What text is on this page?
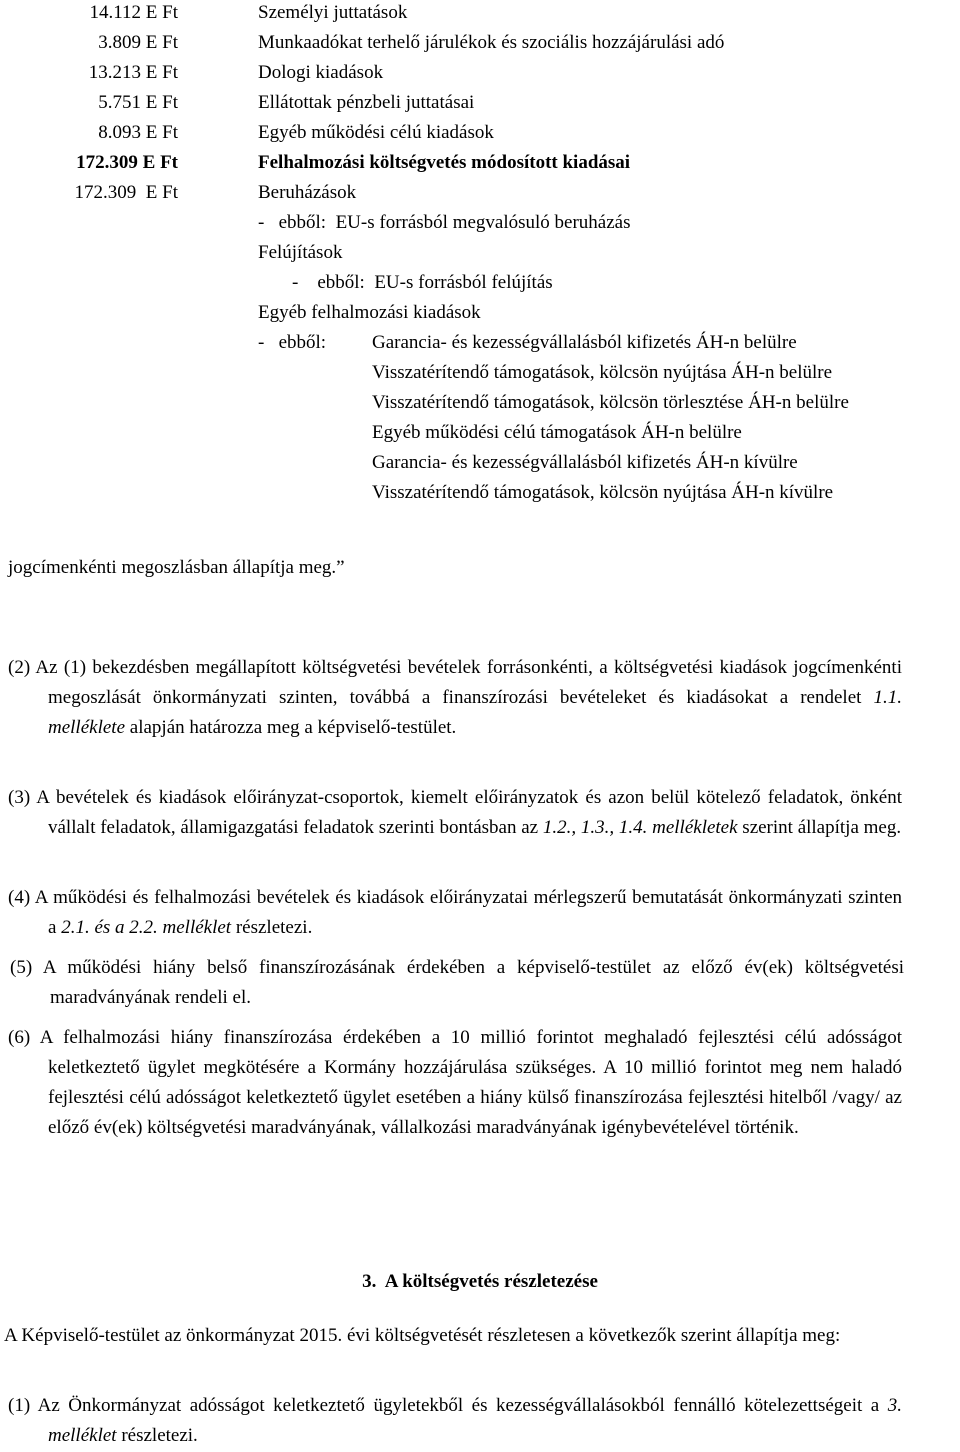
14.112 E Ft	Személyi juttatások
3.809 E Ft	Munkaadókat terhelő járulékok és szociális hozzájárulási adó
13.213 E Ft	Dologi kiadások
5.751 E Ft	Ellátottak pénzbeli juttatásai
8.093 E Ft	Egyéb működési célú kiadások
172.309 E Ft	Felhalmozási költségvetés módosított kiadásai
172.309  E Ft	Beruházások
-   ebből:  EU-s forrásból megvalósuló beruházás
Felújítások
-    ebből:  EU-s forrásból felújítás
Egyéb felhalmozási kiadások
-   ebből: Garancia- és kezességvállalásból kifizetés ÁH-n belülre
Visszatérítendő támogatások, kölcsön nyújtása ÁH-n belülre
Visszatérítendő támogatások, kölcsön törlesztése ÁH-n belülre
Egyéb működési célú támogatások ÁH-n belülre
Garancia- és kezességvállalásból kifizetés ÁH-n kívülre
Visszatérítendő támogatások, kölcsön nyújtása ÁH-n kívülre
jogcímenkénti megoszlásban állapítja meg.”
(2) Az (1) bekezdésben megállapított költségvetési bevételek forrásonkénti, a költségvetési kiadások jogcímenkénti megoszlását önkormányzati szinten, továbbá a finanszírozási bevételeket és kiadásokat a rendelet 1.1. melléklete alapján határozza meg a képviselő-testület.
(3) A bevételek és kiadások előirányzat-csoportok, kiemelt előirányzatok és azon belül kötelező feladatok, önként vállalt feladatok, államigazgatási feladatok szerinti bontásban az 1.2., 1.3., 1.4. mellékletek szerint állapítja meg.
(4) A működési és felhalmozási bevételek és kiadások előirányzatai mérlegszerű bemutatását önkormányzati szinten a 2.1. és a 2.2. melléklet részletezi.
(5) A működési hiány belső finanszírozásának érdekében a képviselő-testület az előző év(ek) költségvetési maradványának rendeli el.
(6) A felhalmozási hiány finanszírozása érdekében a 10 millió forintot meghaladó fejlesztési célú adósságot keletkeztető ügylet megkötésére a Kormány hozzájárulása szükséges. A 10 millió forintot meg nem haladó fejlesztési célú adósságot keletkeztető ügylet esetében a hiány külső finanszírozása fejlesztési hitelből /vagy/ az előző év(ek) költségvetési maradványának, vállalkozási maradványának igénybevételével történik.
3.  A költségvetés részletezése
A Képviselő-testület az önkormányzat 2015. évi költségvetését részletesen a következők szerint állapítja meg:
(1) Az Önkormányzat adósságot keletkeztető ügyletekből és kezességvállalásokból fennálló kötelezettségeit a 3. melléklet részletezi.
